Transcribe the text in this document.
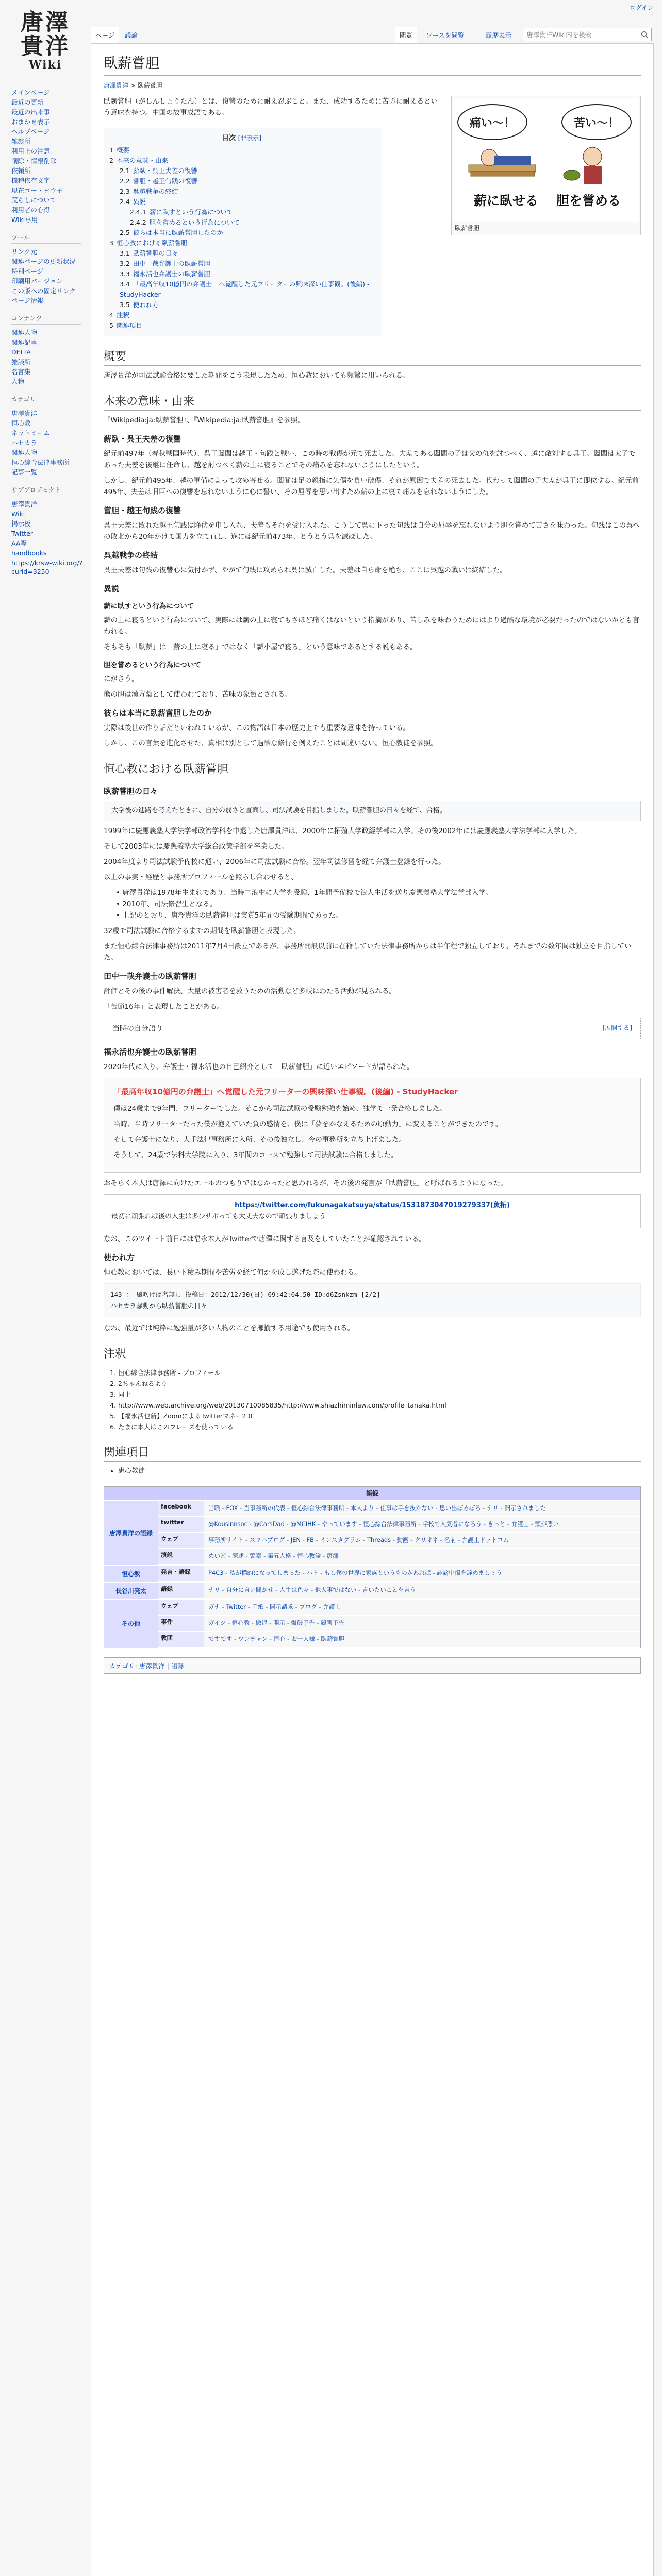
ログイン
唐澤
貴洋
Wiki
メインページ
最近の更新
最近の出来事
おまかせ表示
ヘルプページ
雑談所
利用上の注意
削除・情報削除
依頼所
機種依存文字
現在ゴー・ヨウ子
荒らしについて
利用者の心得
Wiki専用
ツール
リンク元
関連ページの更新状況
特別ページ
印刷用バージョン
この版への固定リンク
ページ情報
コンテンツ
関連人物
関連記事
DELTA
雑談所
名言集
人物
カテゴリ
唐澤貴洋
恒心教
ネットミーム
ハセカラ
関連人物
恒心綜合法律事務所
記事一覧
サブプロジェクト
唐澤貴洋
Wiki
掲示板
Twitter
AA等
handbooks
https://krsw-wiki.org/?curid=3250
ページ	議論	閲覧	ソースを閲覧	履歴表示
唐澤貴洋Wiki内を検索
臥薪嘗胆
唐澤貴洋 > 臥薪嘗胆
痛い～！	苦い～！
薪に臥せる 胆を嘗める
臥薪嘗胆

臥薪嘗胆（がしんしょうたん）とは、復讐のために耐え忍ぶこと。また、成功するために苦労に耐えるという意味を持つ。中国の故事成語である。

目次 [非表示]
1 概要
2 本来の意味・由来
2.1 薪臥・呉王夫差の復讐
2.2 嘗胆・越王句践の復讐
2.3 呉越戦争の終結
2.4 異説
2.4.1 薪に臥すという行為について
2.4.2 胆を嘗めるという行為について
2.5 彼らは本当に臥薪嘗胆したのか
3 恒心教における臥薪嘗胆
3.1 臥薪嘗胆の日々
3.2 田中一哉弁護士の臥薪嘗胆
3.3 福永活也弁護士の臥薪嘗胆
3.4 「最高年収10億円の弁護士」へ覚醒した元フリーターの興味深い仕事観。(後編) - StudyHacker
3.5 使われ方
4 注釈
5 関連項目
概要

唐澤貴洋が司法試験合格に要した期間をこう表現したため、恒心教においても頻繁に用いられる。

本来の意味・由来

『Wikipedia:ja:臥薪嘗胆』、『Wikipedia:ja:臥薪嘗胆』を参照。

薪臥・呉王夫差の復讐

紀元前497年（春秋戦国時代）、呉王闔閭は越王・句践と戦い、この時の戦傷が元で死去した。夫差である闔閭の子は父の仇を討つべく、越に敵対する呉王。闔閭は太子であった夫差を後継に任命し、越を討つべく薪の上に寝ることでその痛みを忘れないようにしたという。

しかし、紀元前495年、越の軍備によって攻め寄せる。闔閭は足の親指に矢傷を負い破傷、それが原因で夫差の死去した。代わって闔閭の子夫差が呉王に即位する。紀元前495年、夫差は旧臣への復讐を忘れないように心に誓い、その屈辱を思い出すため薪の上に寝て痛みを忘れないようにした。

嘗胆・越王句践の復讐

呉王夫差に敗れた越王句践は降伏を申し入れ、夫差もそれを受け入れた。こうして呉に下った句践は自分の屈辱を忘れないよう胆を嘗めて苦さを味わった。句践はこの呉への敗北から20年かけて国力を立て直し、遂には紀元前473年、とうとう呉を滅ぼした。

呉越戦争の終結

呉王夫差は句践の復讐心に気付かず、やがて句践に攻められ呉は滅亡した。夫差は自ら命を絶ち、ここに呉越の戦いは終結した。

異説
薪に臥すという行為について

薪の上に寝るという行為について、実際には薪の上に寝てもさほど痛くはないという指摘があり、苦しみを味わうためにはより過酷な環境が必要だったのではないかとも言われる。

そもそも「臥薪」は「薪の上に寝る」ではなく「薪小屋で寝る」という意味であるとする説もある。

胆を嘗めるという行為について

にがさう。

熊の胆は漢方薬として使われており、苦味の象徴とされる。

彼らは本当に臥薪嘗胆したのか

実際は後世の作り話だといわれているが、この物語は日本の歴史上でも重要な意味を持っている。

しかし、この言葉を進化させた、真相は別として過酷な修行を例えたことは間違いない。恒心教徒を参照。

恒心教における臥薪嘗胆
臥薪嘗胆の日々
大学後の進路を考えたときに、自分の弱さと直面し、司法試験を目指しました。臥薪嘗胆の日々を経て、合格。

1999年に慶應義塾大学法学部政治学科を中退した唐澤貴洋は、2000年に拓殖大学政経学部に入学。その後2002年には慶應義塾大学法学部に入学した。

そして2003年には慶應義塾大学総合政策学部を卒業した。

2004年度より司法試験予備校に通い、2006年に司法試験に合格。翌年司法修習を経て弁護士登録を行った。

以上の事実・経歴と事務所プロフィールを照らし合わせると、

• 唐澤貴洋は1978年生まれであり、当時二浪中に大学を受験、1年間予備校で浪人生活を送り慶應義塾大学法学部入学。
• 2010年、司法修習生となる。
• 上記のとおり、唐澤貴洋の臥薪嘗胆は実質5年間の受験期間であった。

32歳で司法試験に合格するまでの期間を臥薪嘗胆と表現した。

また恒心綜合法律事務所は2011年7月4日設立であるが、事務所開設以前に在籍していた法律事務所からは半年程で独立しており、それまでの数年間は独立を目指していた。

田中一哉弁護士の臥薪嘗胆

評価とその後の事件解決、大量の被害者を救うための活動など多岐にわたる活動が見られる。

「苦節16年」と表現したことがある。

当時の自分語り	[展開する]
福永活也弁護士の臥薪嘗胆

2020年代に入り、弁護士・福永活也の自己紹介として「臥薪嘗胆」に近いエピソードが語られた。

「最高年収10億円の弁護士」へ覚醒した元フリーターの興味深い仕事観。(後編) - StudyHacker

僕は24歳まで9年間、フリーターでした。そこから司法試験の受験勉強を始め、独学で一発合格しました。

当時、当時フリーターだった僕が抱えていた負の感情を、僕は「夢をかなえるための原動力」に変えることができたのです。

そして弁護士になり、大手法律事務所に入所、その後独立し、今の事務所を立ち上げました。

そうして、24歳で法科大学院に入り、3年間のコースで勉強して司法試験に合格しました。

おそらく本人は唐澤に向けたエールのつもりではなかったと思われるが、その後の発言が「臥薪嘗胆」と呼ばれるようになった。

https://twitter.com/fukunagakatsuya/status/1531873047019279337(魚拓)
最初に頑張れば後の人生は多少サボっても大丈夫なので頑張りましょう

なお、このツイート前日には福永本人がTwitterで唐澤に関する言及をしていたことが確認されている。

使われ方

恒心教においては、長い下積み期間や苦労を経て何かを成し遂げた際に使われる。

143 ： 風吹けば名無し 投稿日：2012/12/30(日) 09:42:04.50 ID:d6Zsnkzm [2/2]
ハセカラ騒動から臥薪嘗胆の日々

なお、最近では純粋に勉強量が多い人物のことを揶揄する用途でも使用される。

注釈
1. 恒心綜合法律事務所 - プロフィール
2. 2ちゃんねるより
3. 同上
4. http://www.web.archive.org/web/20130710085835/http://www.shiazhiminlaw.com/profile_tanaka.html
5. 【福永活也新】ZoomによるTwitterマネー2.0
6. たまに本人はこのフレーズを使っている
関連項目
• 恵心教徒
語録
唐澤貴洋の語録
facebook	当職 - FOX - 当事務所の代表 - 恒心綜合法律事務所 - 本人より - 仕事は手を抜かない - 思い出ぼろぼろ - ナリ - 開示されました
twitter	@Kousinnsoc - @CarsDad - @MCIHK - やっています - 恒心綜合法律事務所 - 学校で人気者になろう - きっと - 弁護士 - 頭が悪い
ウェブ	事務所サイト - スマハブログ - JEN - FB - インスタグラム - Threads - 動画 - クリオネ - 名前 - 弁護士ドットコム
演説	めいど - 陳述 - 警察 - 第五人格 - 恒心教論 - 唐澤
恒心教	発言・語録	P4C3 - 私が標的になってしまった - ハト - もし僕の世界に家族というものがあれば - 誹謗中傷を辞めましょう
長谷川亮太	語録	ナリ - 自分に言い聞かせ - 人生は色々 - 他人事ではない - 言いたいことを言う
その他
ウェブ	ガナ - Twitter - 手紙 - 開示請求 - ブログ - 弁護士
事件	ガイジ - 恒心教 - 撤退 - 開示 - 爆破予告 - 殺害予告
教団	ですです - ワンチャン - 恒心 - お一人様 - 臥薪嘗胆
カテゴリ: 唐澤貴洋 | 語録
